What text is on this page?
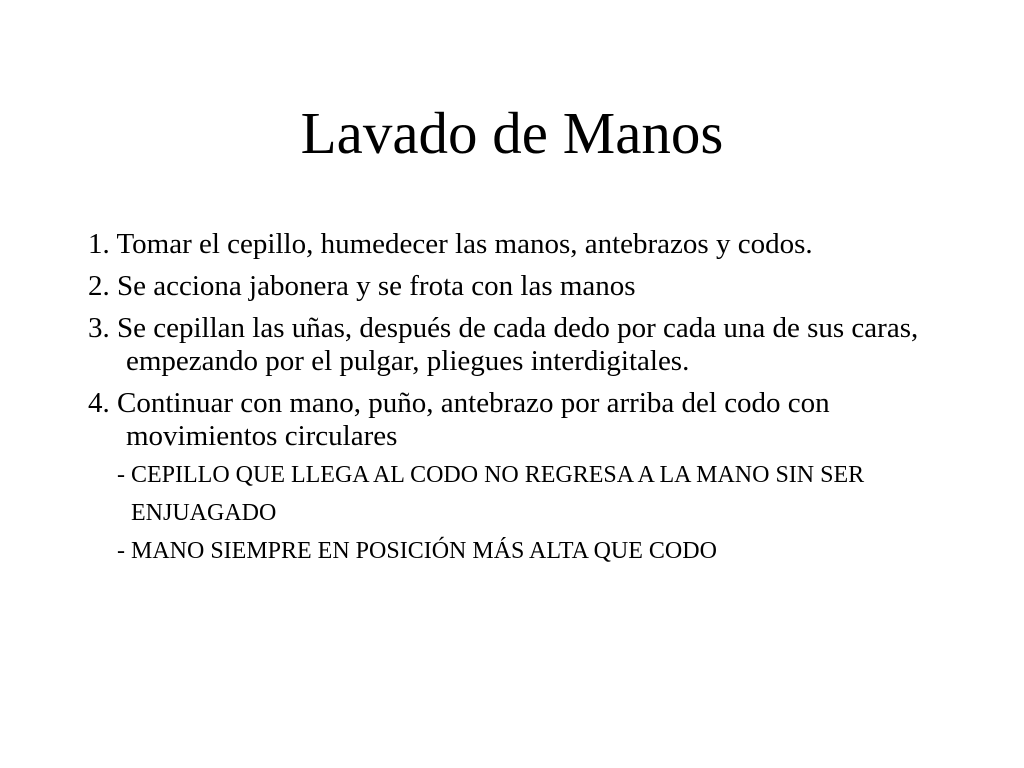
Lavado de Manos

1. Tomar el cepillo, humedecer las manos, antebrazos y codos.

2. Se acciona jabonera y se frota con las manos

3. Se cepillan las uñas, después de cada dedo por cada una de sus caras, empezando por el pulgar, pliegues interdigitales.

4. Continuar con mano, puño, antebrazo por arriba del codo con movimientos circulares

- CEPILLO QUE LLEGA AL CODO NO REGRESA A LA MANO SIN SER

ENJUAGADO

- MANO SIEMPRE EN POSICIÓN MÁS ALTA QUE CODO
